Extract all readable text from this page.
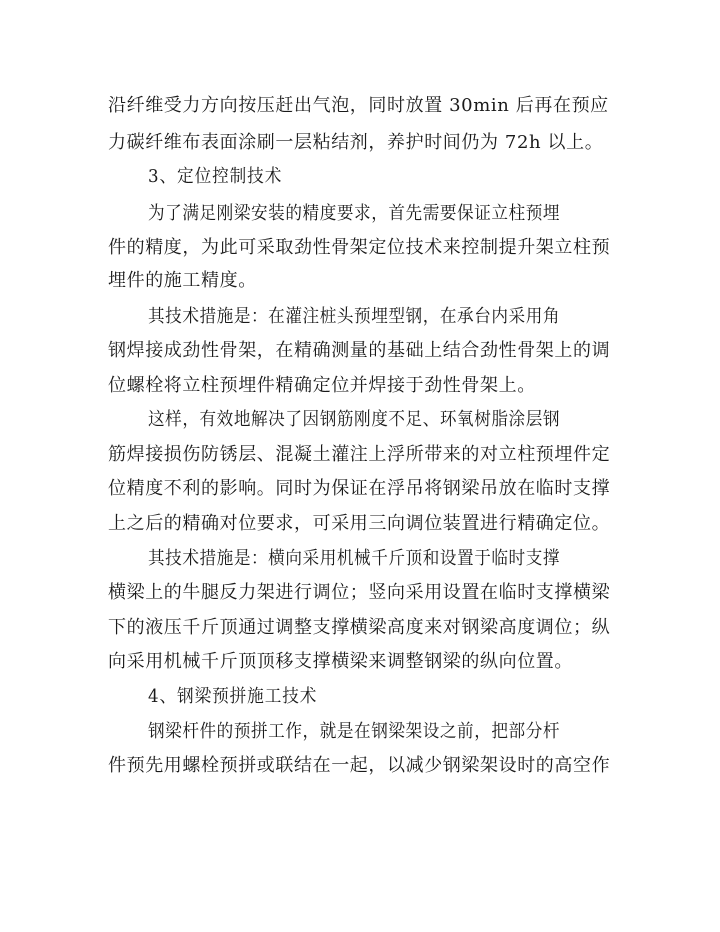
沿纤维受力方向按压赶出气泡，同时放置 30min 后再在预应
力碳纤维布表面涂刷一层粘结剂，养护时间仍为 72h 以上。
3、定位控制技术
为了满足刚梁安装的精度要求，首先需要保证立柱预埋
件的精度，为此可采取劲性骨架定位技术来控制提升架立柱预
埋件的施工精度。
其技术措施是：在灌注桩头预埋型钢，在承台内采用角
钢焊接成劲性骨架，在精确测量的基础上结合劲性骨架上的调
位螺栓将立柱预埋件精确定位并焊接于劲性骨架上。
这样，有效地解决了因钢筋刚度不足、环氧树脂涂层钢
筋焊接损伤防锈层、混凝土灌注上浮所带来的对立柱预埋件定
位精度不利的影响。同时为保证在浮吊将钢梁吊放在临时支撑
上之后的精确对位要求，可采用三向调位装置进行精确定位。
其技术措施是：横向采用机械千斤顶和设置于临时支撑
横梁上的牛腿反力架进行调位；竖向采用设置在临时支撑横梁
下的液压千斤顶通过调整支撑横梁高度来对钢梁高度调位；纵
向采用机械千斤顶顶移支撑横梁来调整钢梁的纵向位置。
4、钢梁预拼施工技术
钢梁杆件的预拼工作，就是在钢梁架设之前，把部分杆
件预先用螺栓预拼或联结在一起，以减少钢梁架设时的高空作
